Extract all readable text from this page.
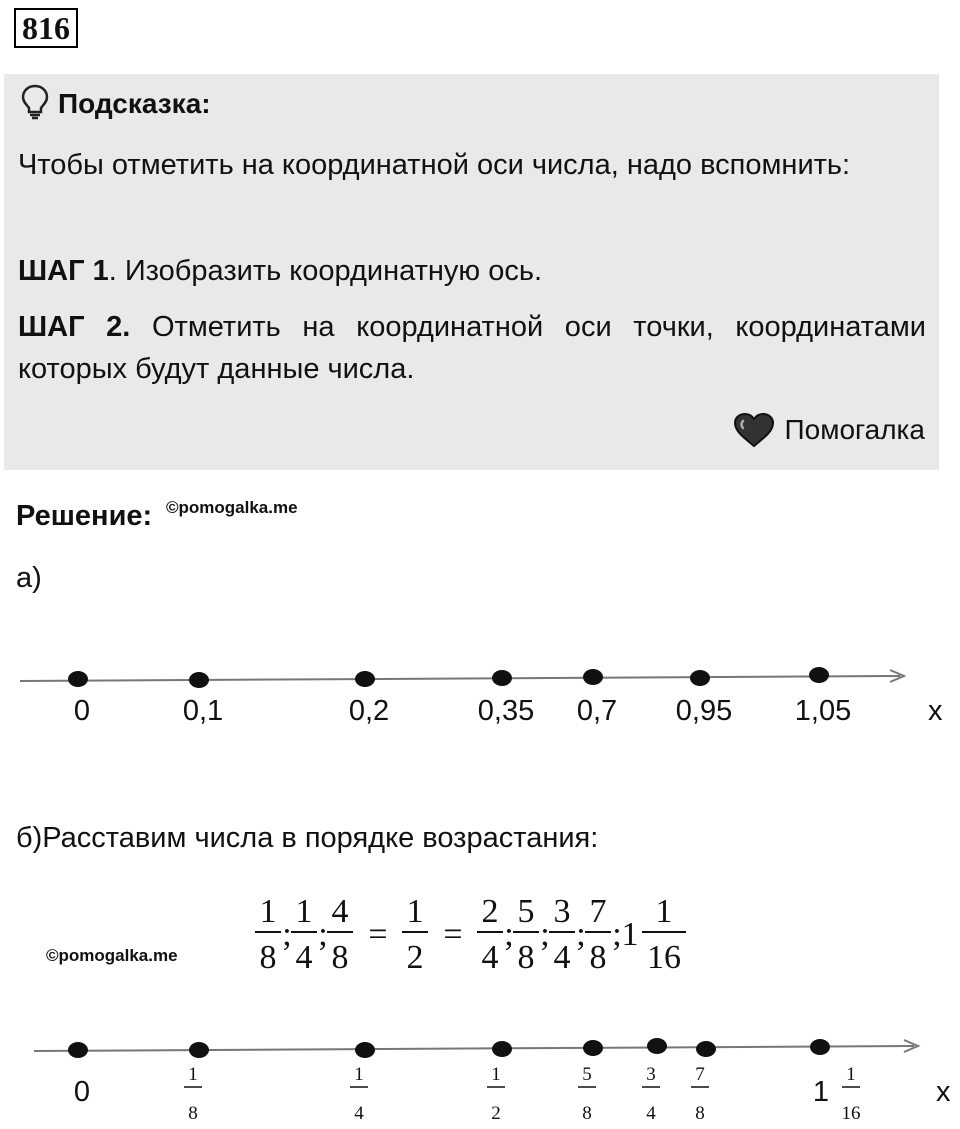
816
Подсказка:
Чтобы отметить на координатной оси числа, надо вспомнить:
ШАГ 1. Изобразить координатную ось.
ШАГ 2. Отметить на координатной оси точки, координатами которых будут данные числа.
Помогалка
Решение: ©pomogalka.me
а)
x
0	0,1	0,2	0,35 0,7 0,95 1,05
б)Расставим числа в порядке возрастания:
©pomogalka.me
1
8
;
1
4
;
4
8
=
1
2
=
2
4
;
5
8
;
3
4
;
7
8
; 1
1
16
x
0
1
8
1
4
1
2
5
8
3
4
7
8
1
1
16
